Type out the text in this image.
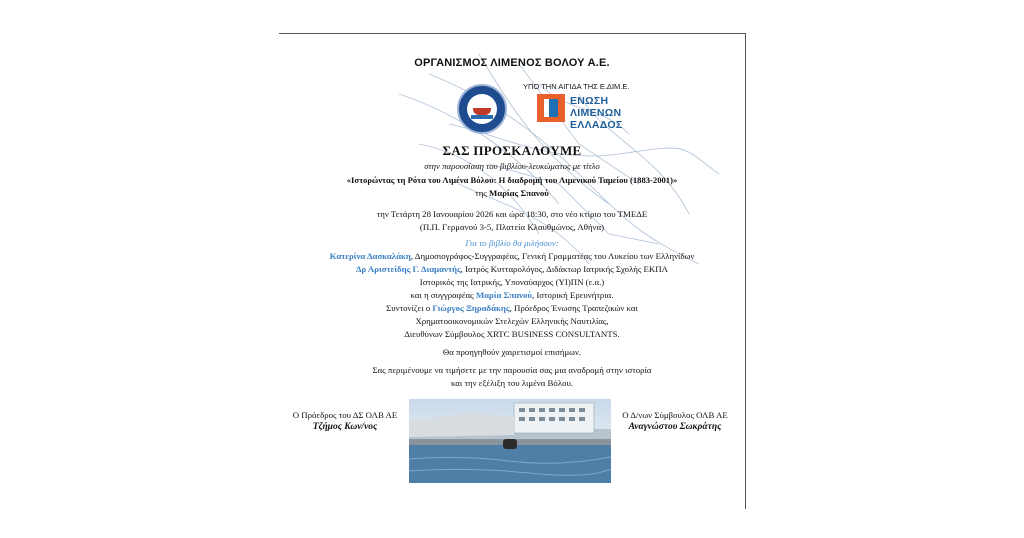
ΟΡΓΑΝΙΣΜΟΣ ΛΙΜΕΝΟΣ ΒΟΛΟΥ Α.Ε.
ΥΠΟ ΤΗΝ ΑΙΓΙΔΑ ΤΗΣ Ε.ΔΙΜ.Ε.
ΕΝΩΣΗ
ΛΙΜΕΝΩΝ
ΕΛΛΑΔΟΣ
ΣΑΣ ΠΡΟΣΚΑΛΟΥΜΕ
στην παρουσίαση του βιβλίου-λευκώματος με τίτλο
«Ιστορώντας τη Ρότα του Λιμένα Βόλου: Η διαδρομή του Λιμενικού Ταμείου (1883-2001)»
της Μαρίας Σπανού
την Τετάρτη 28 Ιανουαρίου 2026 και ώρα 18:30, στο νέο κτίριο του ΤΜΕΔΕ
(Π.Π. Γερμανού 3-5, Πλατεία Κλαυθμώνος, Αθήνα)
Για το βιβλίο θα μιλήσουν:
Κατερίνα Δασκαλάκη, Δημοσιογράφος-Συγγραφέας, Γενική Γραμματέας του Λυκείου των Ελληνίδων
Δρ Αριστείδης Γ. Διαμαντής, Ιατρός Κυτταρολόγος, Διδάκτωρ Ιατρικής Σχολής ΕΚΠΑ
Ιστορικός της Ιατρικής, Υποναύαρχος (ΥΙ)ΠΝ (ε.α.)
και η συγγραφέας Μαρία Σπανού, Ιστορική Ερευνήτρια.
Συντονίζει ο Γιώργος Ξηραδάκης, Πρόεδρος Ένωσης Τραπεζικών και
Χρηματοοικονομικών Στελεχών Ελληνικής Ναυτιλίας,
Διευθύνων Σύμβουλος XRTC BUSINESS CONSULTANTS.
Θα προηγηθούν χαιρετισμοί επισήμων.
Σας περιμένουμε να τιμήσετε με την παρουσία σας μια αναδρομή στην ιστορία
και την εξέλιξη του λιμένα Βόλου.
Ο Πρόεδρος του ΔΣ ΟΛΒ ΑΕ
Τζήμος Κων/νος
Ο Δ/νων Σύμβουλος ΟΛΒ ΑΕ
Αναγνώστου Σωκράτης
